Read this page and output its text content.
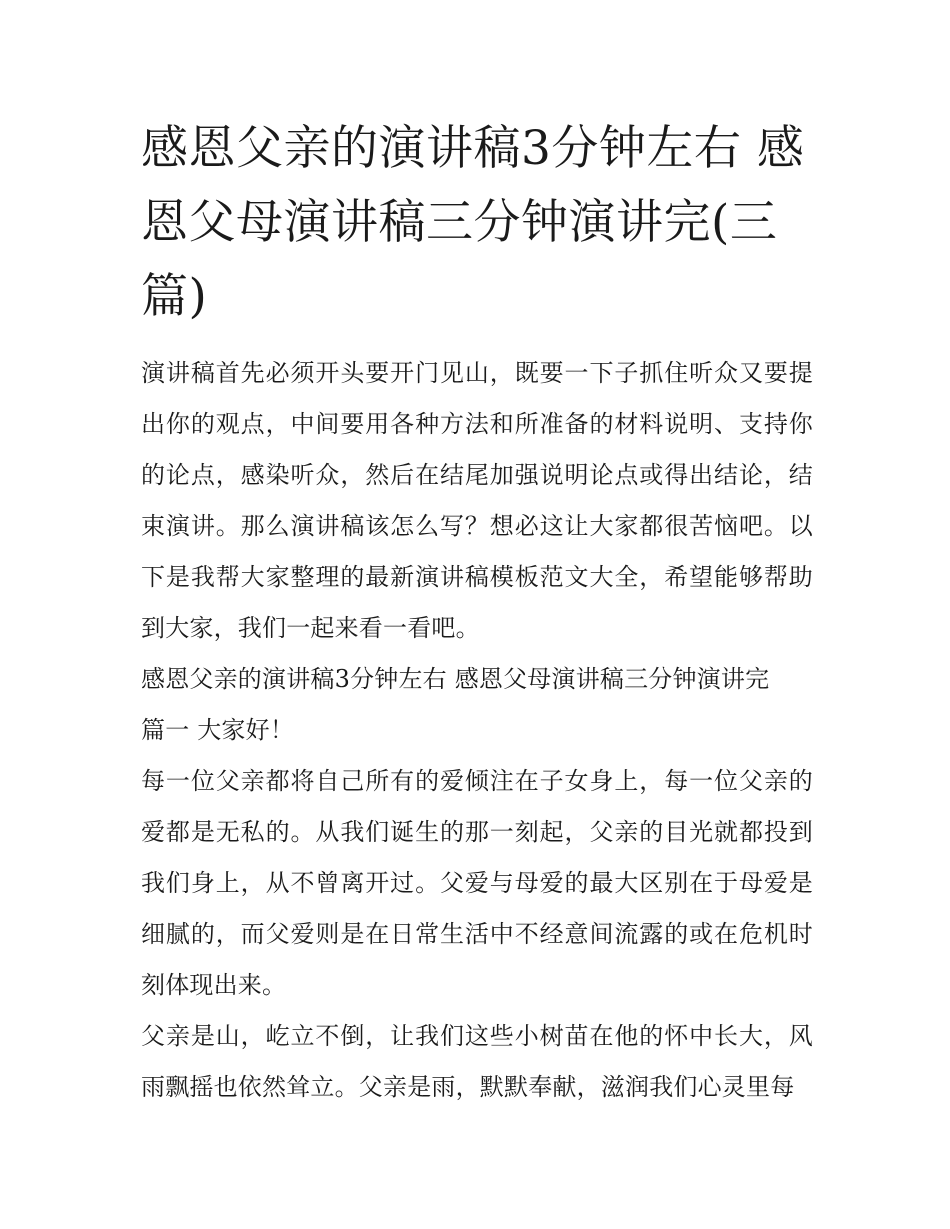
感恩父亲的演讲稿3分钟左右 感恩父母演讲稿三分钟演讲完(三篇)

演讲稿首先必须开头要开门见山，既要一下子抓住听众又要提出你的观点，中间要用各种方法和所准备的材料说明、支持你的论点，感染听众，然后在结尾加强说明论点或得出结论，结束演讲。那么演讲稿该怎么写？想必这让大家都很苦恼吧。以下是我帮大家整理的最新演讲稿模板范文大全，希望能够帮助到大家，我们一起来看一看吧。

感恩父亲的演讲稿3分钟左右 感恩父母演讲稿三分钟演讲完

篇一 大家好！

每一位父亲都将自己所有的爱倾注在子女身上，每一位父亲的爱都是无私的。从我们诞生的那一刻起，父亲的目光就都投到我们身上，从不曾离开过。父爱与母爱的最大区别在于母爱是细腻的，而父爱则是在日常生活中不经意间流露的或在危机时刻体现出来。

父亲是山，屹立不倒，让我们这些小树苗在他的怀中长大，风雨飘摇也依然耸立。父亲是雨，默默奉献，滋润我们心灵里每
